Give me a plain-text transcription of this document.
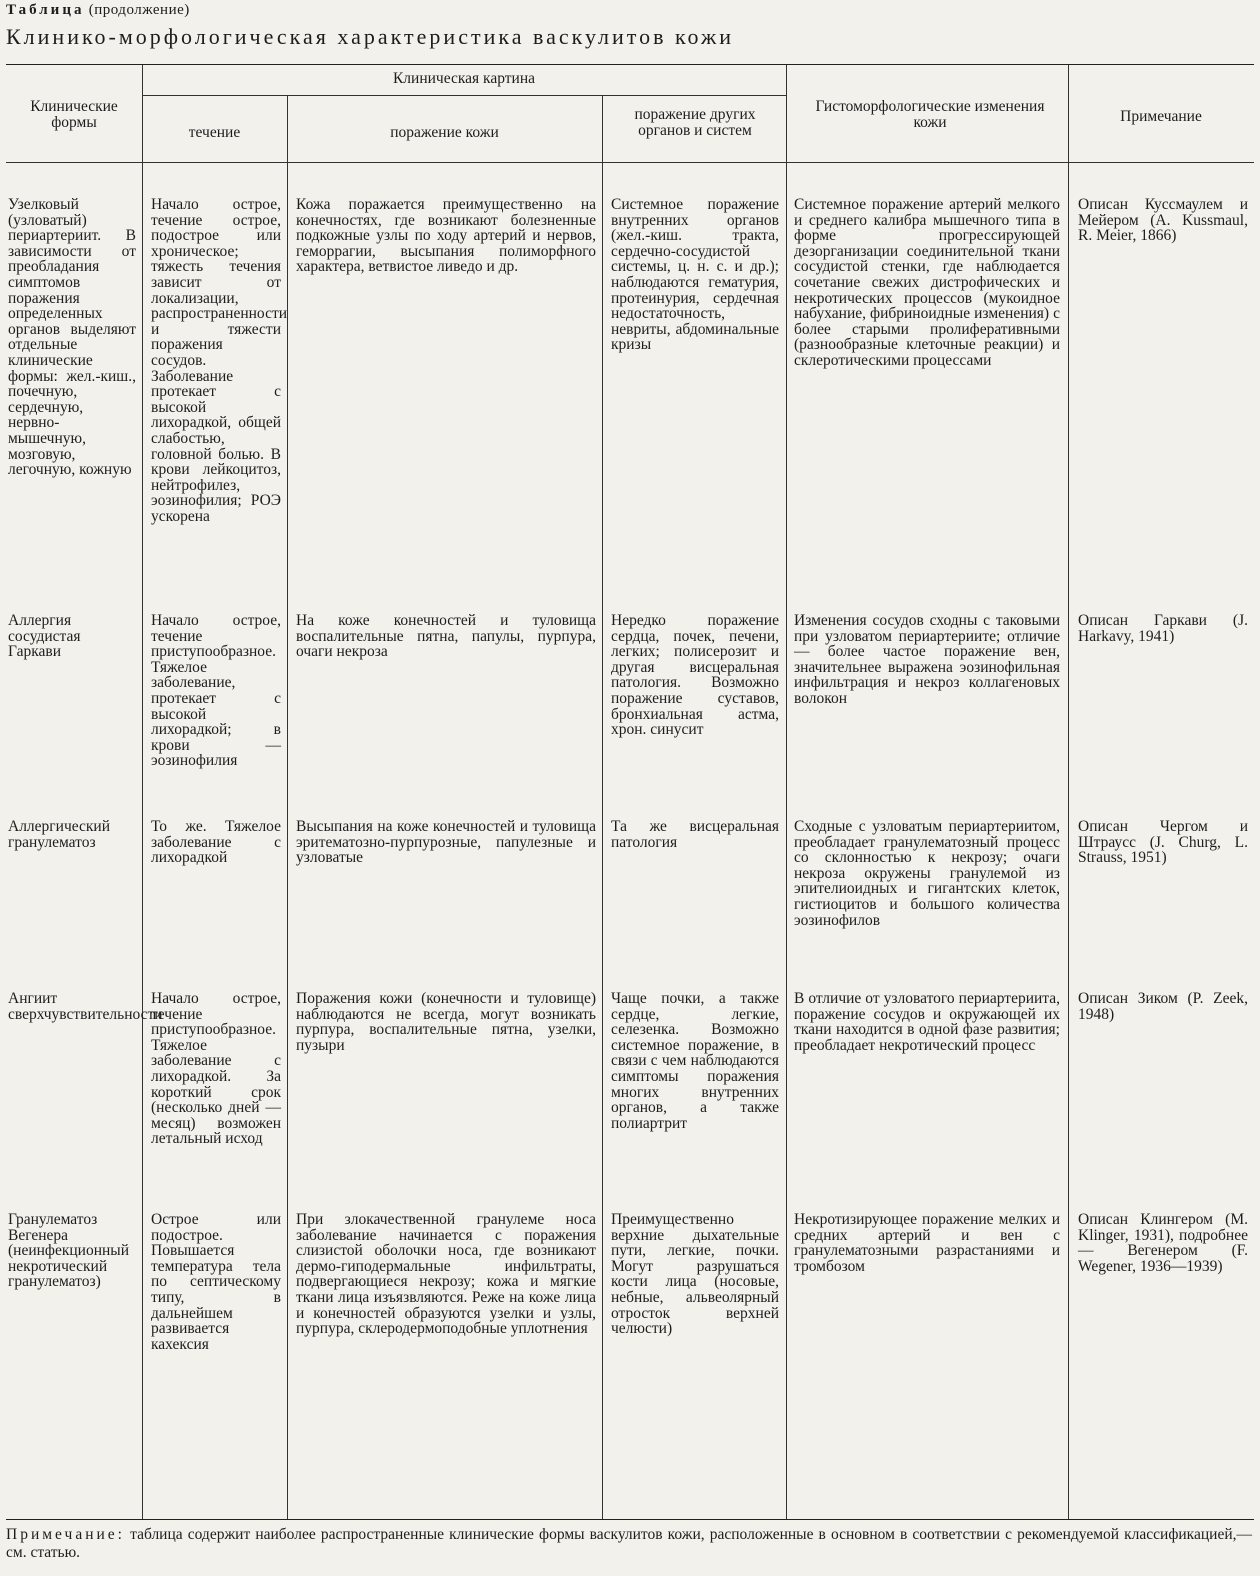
Таблица (продолжение)
Клинико-морфологическая характеристика васкулитов кожи
Клинические формы
Клиническая картина
течение	поражение кожи
поражение других органов и систем
Гистоморфологические изменения кожи	Примечание
Узелковый (узловатый) периартериит. В зависимости от преобладания симптомов поражения определенных органов выделяют отдельные клинические формы: жел.-киш., почечную, сердечную, нервно-мышечную, мозговую, легочную, кожную
Начало острое, течение острое, подострое или хроническое; тяжесть течения зависит от локализации, распространенности и тяжести поражения сосудов. Заболевание протекает с высокой лихорадкой, общей слабостью, головной болью. В крови лейкоцитоз, нейтрофилез, эозинофилия; РОЭ ускорена
Кожа поражается преимущественно на конечностях, где возникают болезненные подкожные узлы по ходу артерий и нервов, геморрагии, высыпания полиморфного характера, ветвистое ливедо и др.
Системное поражение внутренних органов (жел.-киш. тракта, сердечно-сосудистой системы, ц. н. с. и др.); наблюдаются гематурия, протеинурия, сердечная недостаточность, невриты, абдоминальные кризы
Системное поражение артерий мелкого и среднего калибра мышечного типа в форме прогрессирующей дезорганизации соединительной ткани сосудистой стенки, где наблюдается сочетание свежих дистрофических и некротических процессов (мукоидное набухание, фибриноидные изменения) с более старыми пролиферативными (разнообразные клеточные реакции) и склеротическими процессами
Описан Куссмаулем и Мейером (A. Kussmaul, R. Meier, 1866)
Аллергия сосудистая Гаркави
Начало острое, течение приступообразное. Тяжелое заболевание, протекает с высокой лихорадкой; в крови — эозинофилия
На коже конечностей и туловища воспалительные пятна, папулы, пурпура, очаги некроза
Нередко поражение сердца, почек, печени, легких; полисерозит и другая висцеральная патология. Возможно поражение суставов, бронхиальная астма, хрон. синусит
Изменения сосудов сходны с таковыми при узловатом периартериите; отличие — более частое поражение вен, значительнее выражена эозинофильная инфильтрация и некроз коллагеновых волокон
Описан Гаркави (J. Harkavy, 1941)
Аллергический гранулематоз
То же. Тяжелое заболевание с лихорадкой
Высыпания на коже конечностей и туловища эритематозно-пурпурозные, папулезные и узловатые
Та же висцеральная патология
Сходные с узловатым периартериитом, преобладает гранулематозный процесс со склонностью к некрозу; очаги некроза окружены гранулемой из эпителиоидных и гигантских клеток, гистиоцитов и большого количества эозинофилов
Описан Чергом и Штраусс (J. Churg, L. Strauss, 1951)
Ангиит сверхчувствительности
Начало острое, течение приступообразное. Тяжелое заболевание с лихорадкой. За короткий срок (несколько дней — месяц) возможен летальный исход
Поражения кожи (конечности и туловище) наблюдаются не всегда, могут возникать пурпура, воспалительные пятна, узелки, пузыри
Чаще почки, а также сердце, легкие, селезенка. Возможно системное поражение, в связи с чем наблюдаются симптомы поражения многих внутренних органов, а также полиартрит
В отличие от узловатого периартериита, поражение сосудов и окружающей их ткани находится в одной фазе развития; преобладает некротический процесс
Описан Зиком (P. Zeek, 1948)
Гранулематоз Вегенера (неинфекционный некротический гранулематоз)
Острое или подострое. Повышается температура тела по септическому типу, в дальнейшем развивается кахексия
При злокачественной гранулеме носа заболевание начинается с поражения слизистой оболочки носа, где возникают дермо-гиподермальные инфильтраты, подвергающиеся некрозу; кожа и мягкие ткани лица изъязвляются. Реже на коже лица и конечностей образуются узелки и узлы, пурпура, склеродермоподобные уплотнения
Преимущественно верхние дыхательные пути, легкие, почки. Могут разрушаться кости лица (носовые, небные, альвеолярный отросток верхней челюсти)
Некротизирующее поражение мелких и средних артерий и вен с гранулематозными разрастаниями и тромбозом
Описан Клингером (M. Klinger, 1931), подробнее — Вегенером (F. Wegener, 1936—1939)
Примечание: таблица содержит наиболее распространенные клинические формы васкулитов кожи, расположенные в основном в соответствии с рекомендуемой классификацией,— см. статью.
